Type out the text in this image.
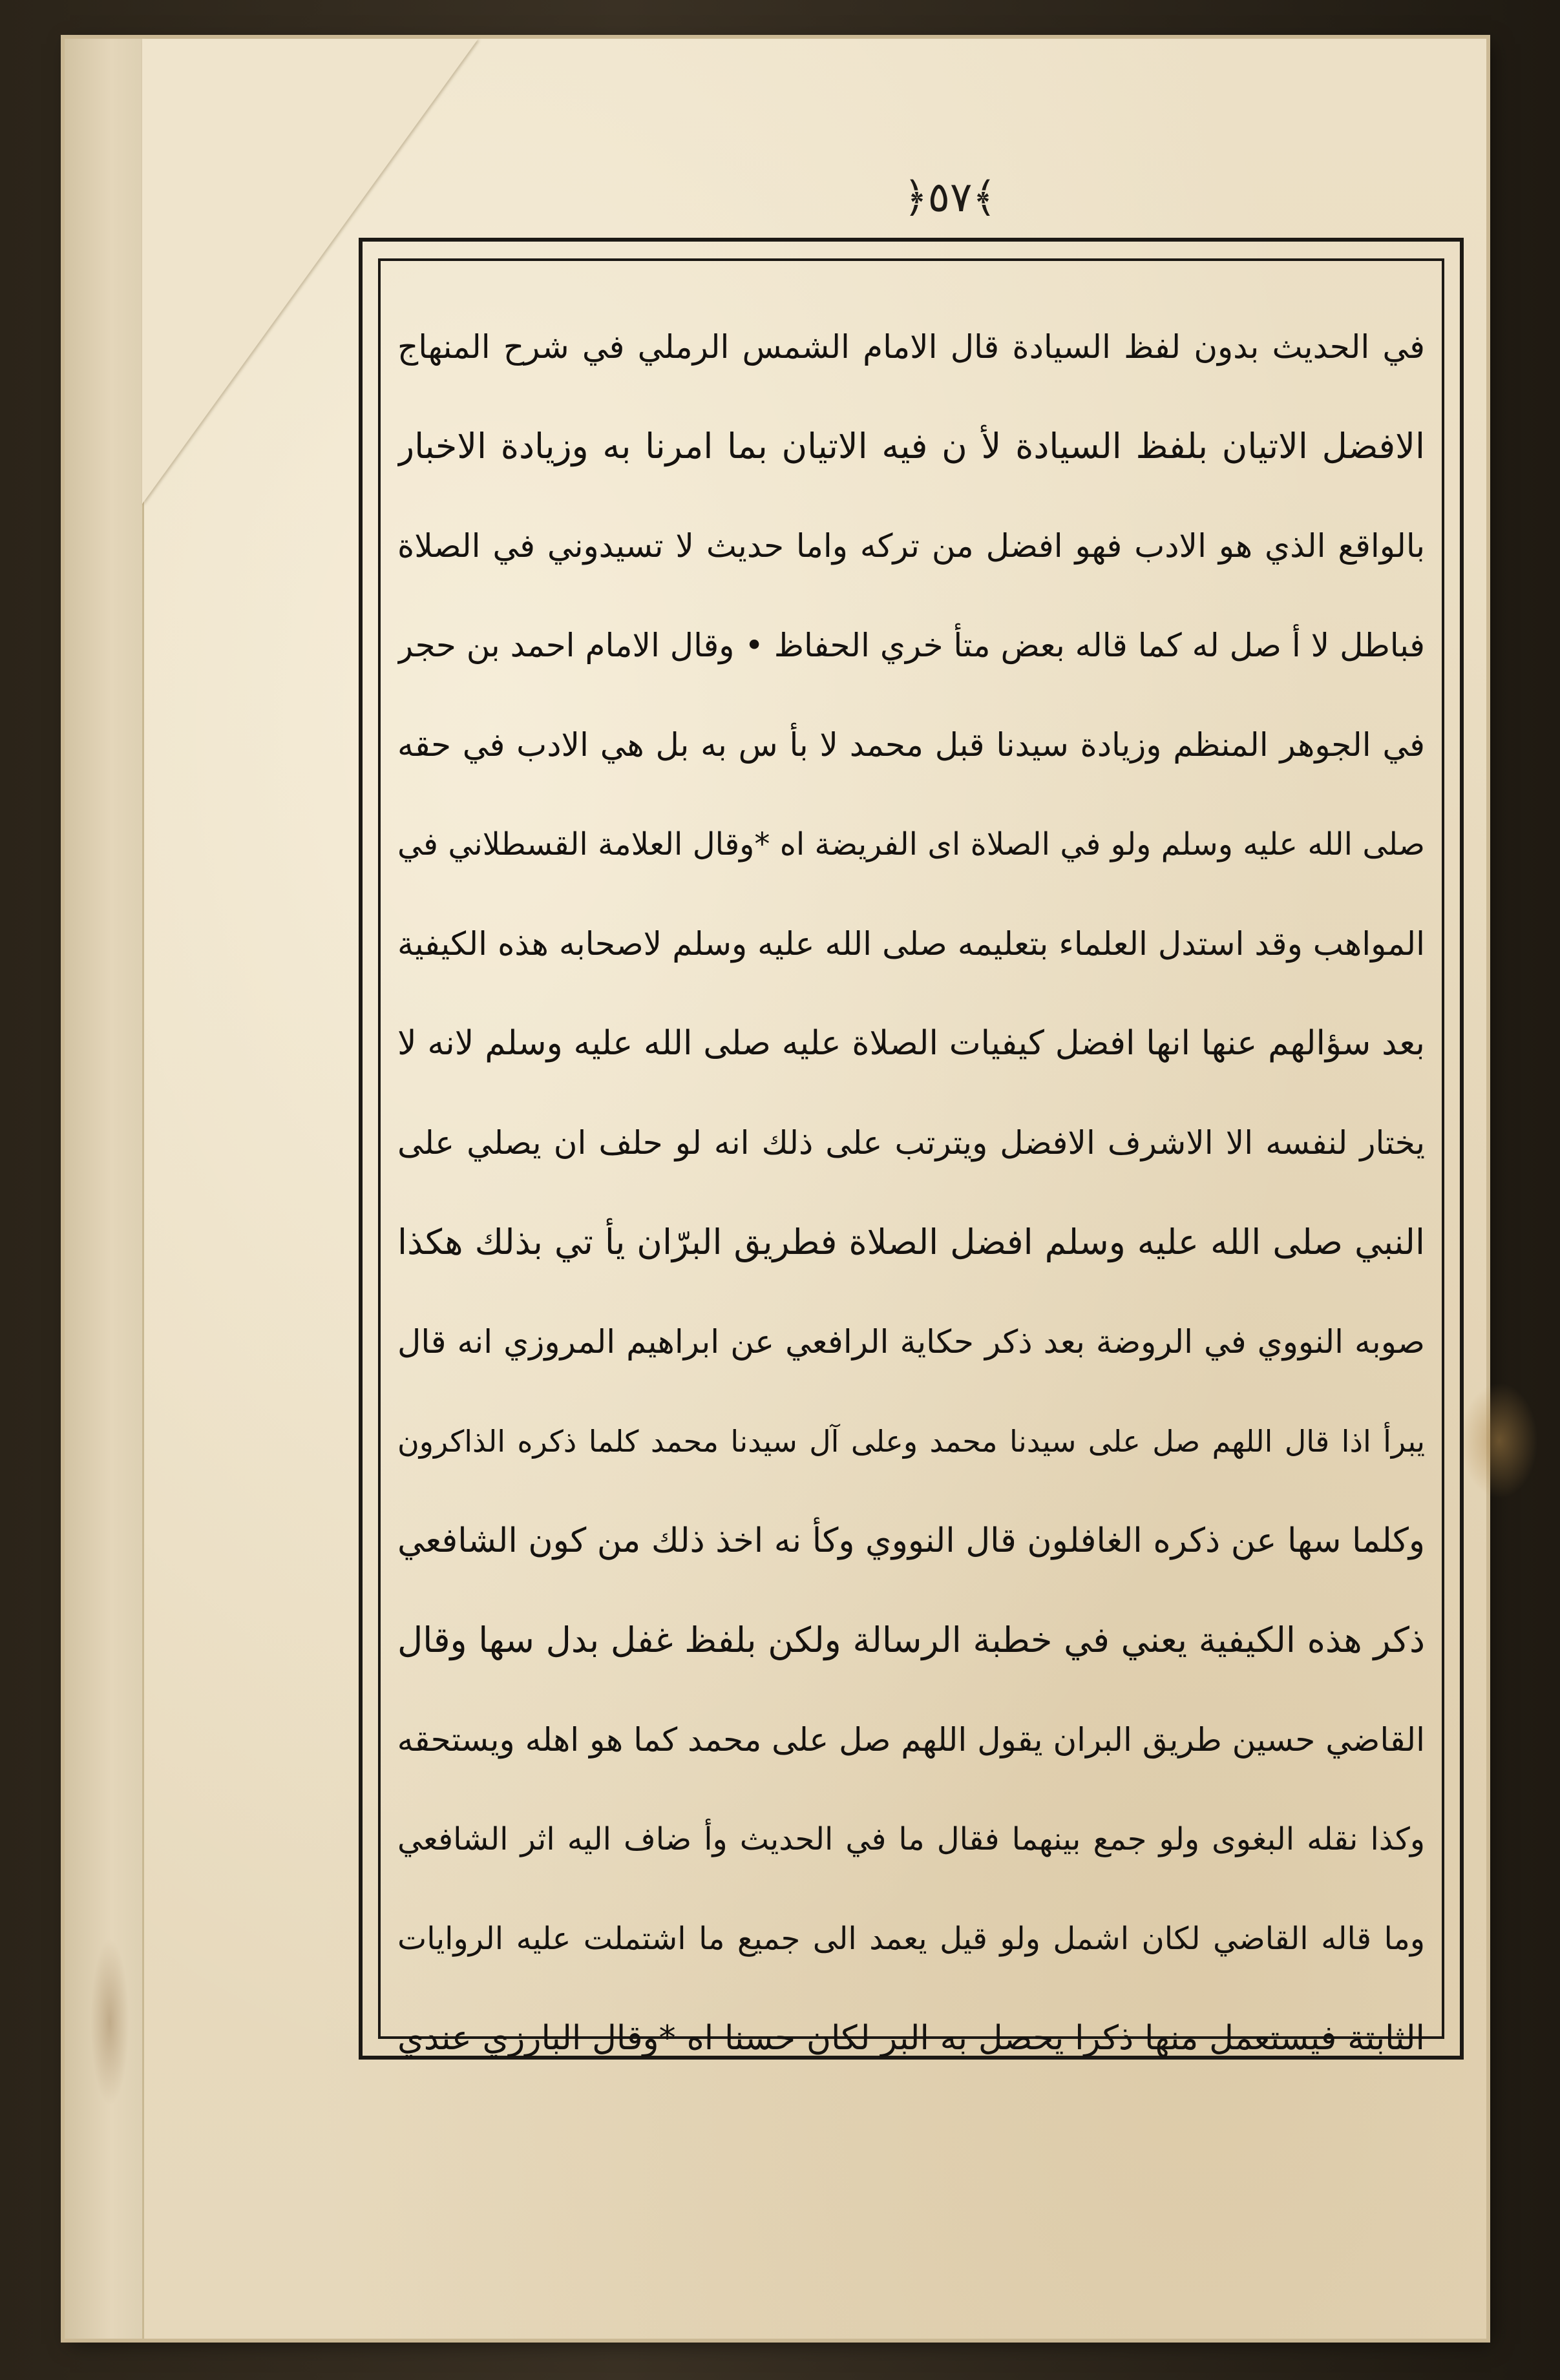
﴿٥٧﴾
في الحديث بدون لفظ السيادة قال الامام الشمس الرملي في شرح المنهاج
الافضل الاتيان بلفظ السيادة لأ ن فيه الاتيان بما امرنا به وزيادة الاخبار
بالواقع الذي هو الادب فهو افضل من تركه واما حديث لا تسيدوني في الصلاة
فباطل لا أ صل له كما قاله بعض متأ خري الحفاظ • وقال الامام احمد بن حجر
في الجوهر المنظم وزيادة سيدنا قبل محمد لا بأ س به بل هي الادب في حقه
صلى الله عليه وسلم ولو في الصلاة اى الفريضة اه *وقال العلامة القسطلاني في
المواهب وقد استدل العلماء بتعليمه صلى الله عليه وسلم لاصحابه هذه الكيفية
بعد سؤالهم عنها انها افضل كيفيات الصلاة عليه صلى الله عليه وسلم لانه لا
يختار لنفسه الا الاشرف الافضل ويترتب على ذلك انه لو حلف ان يصلي على
النبي صلى الله عليه وسلم افضل الصلاة فطريق البرّان يأ تي بذلك هكذا
صوبه النووي في الروضة بعد ذكر حكاية الرافعي عن ابراهيم المروزي انه قال
يبرأ اذا قال اللهم صل على سيدنا محمد وعلى آل سيدنا محمد كلما ذكره الذاكرون
وكلما سها عن ذكره الغافلون قال النووي وكأ نه اخذ ذلك من كون الشافعي
ذكر هذه الكيفية يعني في خطبة الرسالة ولكن بلفظ غفل بدل سها وقال
القاضي حسين طريق البران يقول اللهم صل على محمد كما هو اهله ويستحقه
وكذا نقله البغوى ولو جمع بينهما فقال ما في الحديث وأ ضاف اليه اثر الشافعي
وما قاله القاضي لكان اشمل ولو قيل يعمد الى جميع ما اشتملت عليه الروايات
الثابتة فيستعمل منها ذكرا يحصل به البر لكان حسنا اه *وقال البارزي عندي
